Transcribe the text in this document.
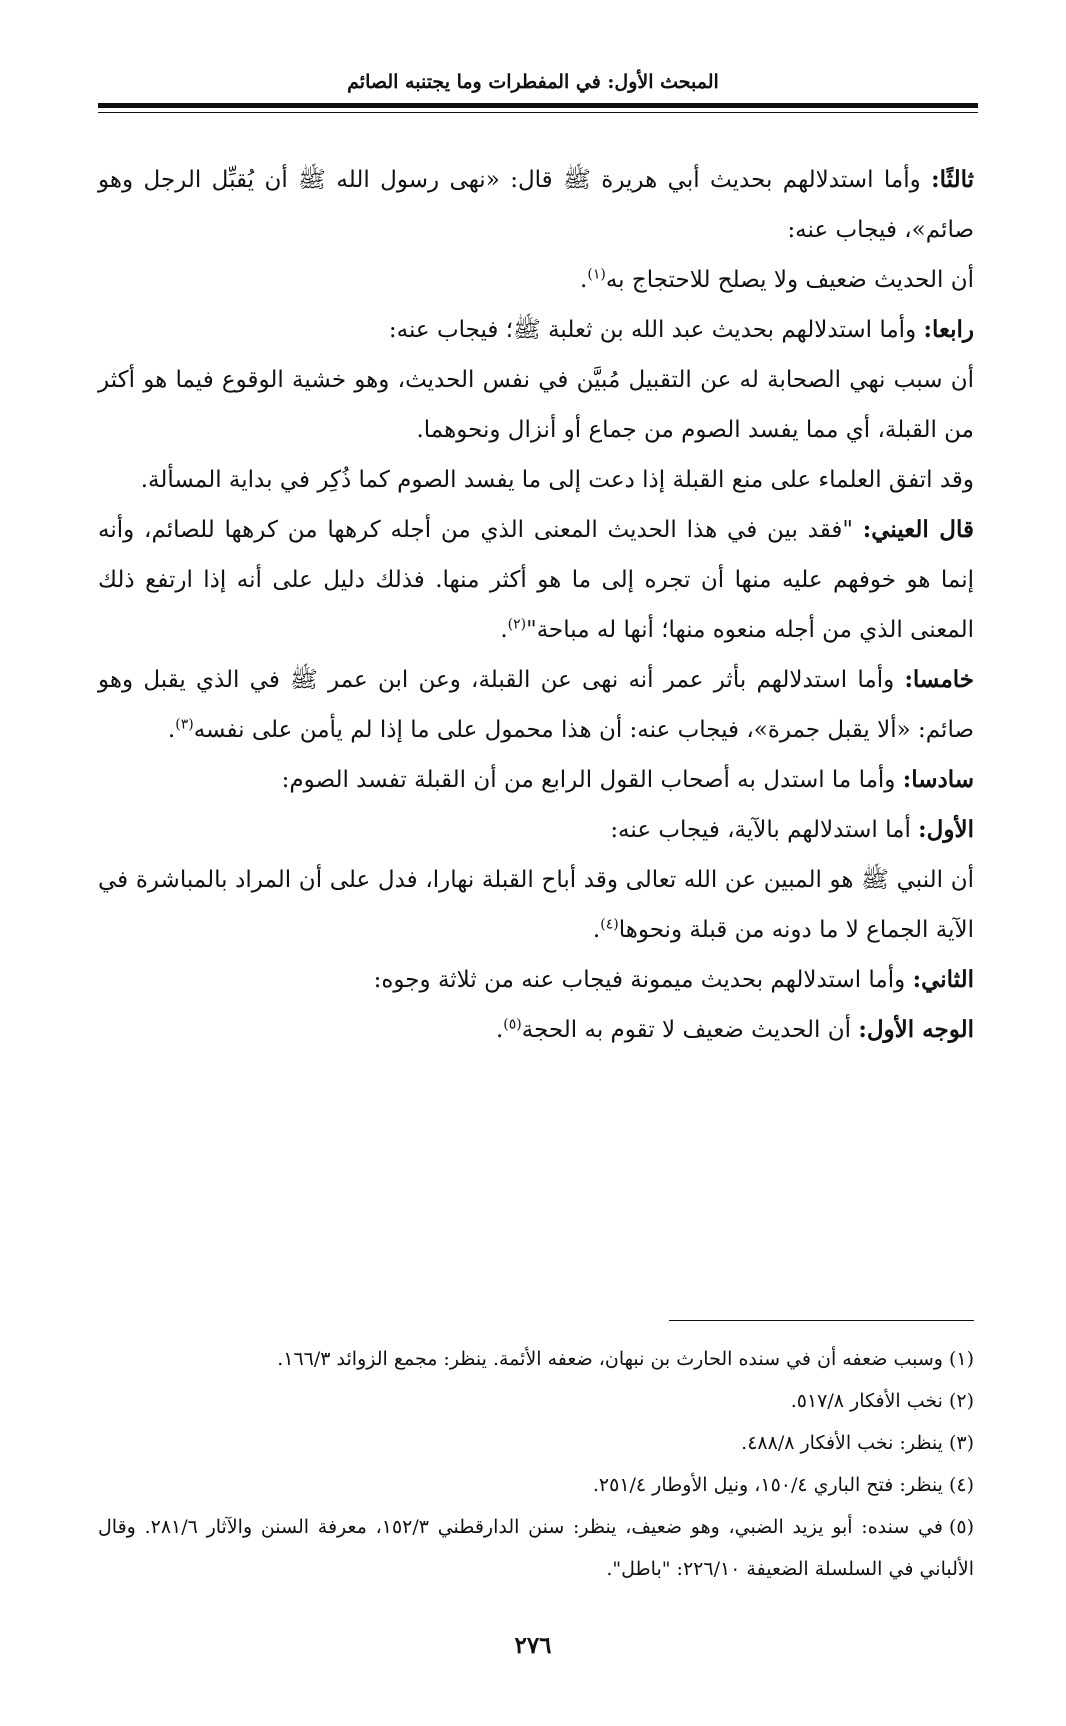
المبحث الأول: في المفطرات وما يجتنبه الصائم

ثالثًا: وأما استدلالهم بحديث أبي هريرة ﷺ قال: «نهى رسول الله ﷺ أن يُقبِّل الرجل وهو صائم»، فيجاب عنه:

أن الحديث ضعيف ولا يصلح للاحتجاج به$^{(١)}$.

رابعا: وأما استدلالهم بحديث عبد الله بن ثعلبة ﷺ؛ فيجاب عنه:

أن سبب نهي الصحابة له عن التقبيل مُبيَّن في نفس الحديث، وهو خشية الوقوع فيما هو أكثر من القبلة، أي مما يفسد الصوم من جماع أو أنزال ونحوهما.

وقد اتفق العلماء على منع القبلة إذا دعت إلى ما يفسد الصوم كما ذُكِر في بداية المسألة.

قال العيني: "فقد بين في هذا الحديث المعنى الذي من أجله كرهها من كرهها للصائم، وأنه إنما هو خوفهم عليه منها أن تجره إلى ما هو أكثر منها. فذلك دليل على أنه إذا ارتفع ذلك المعنى الذي من أجله منعوه منها؛ أنها له مباحة"$^{(٢)}$.

خامسا: وأما استدلالهم بأثر عمر أنه نهى عن القبلة، وعن ابن عمر ﷺ في الذي يقبل وهو صائم: «ألا يقبل جمرة»، فيجاب عنه: أن هذا محمول على ما إذا لم يأمن على نفسه$^{(٣)}$.

سادسا: وأما ما استدل به أصحاب القول الرابع من أن القبلة تفسد الصوم:

الأول: أما استدلالهم بالآية، فيجاب عنه:

أن النبي ﷺ هو المبين عن الله تعالى وقد أباح القبلة نهارا، فدل على أن المراد بالمباشرة في الآية الجماع لا ما دونه من قبلة ونحوها$^{(٤)}$.

الثاني: وأما استدلالهم بحديث ميمونة فيجاب عنه من ثلاثة وجوه:

الوجه الأول: أن الحديث ضعيف لا تقوم به الحجة$^{(٥)}$.

(١)وسبب ضعفه أن في سنده الحارث بن نبهان، ضعفه الأئمة. ينظر: مجمع الزوائد ١٦٦/٣.

(٢)نخب الأفكار ٥١٧/٨.

(٣)ينظر: نخب الأفكار ٤٨٨/٨.

(٤)ينظر: فتح الباري ١٥٠/٤، ونيل الأوطار ٢٥١/٤.

(٥)في سنده: أبو يزيد الضبي، وهو ضعيف، ينظر: سنن الدارقطني ١٥٢/٣، معرفة السنن والآثار ٢٨١/٦. وقال الألباني في السلسلة الضعيفة ٢٢٦/١٠: "باطل".

٢٧٦
